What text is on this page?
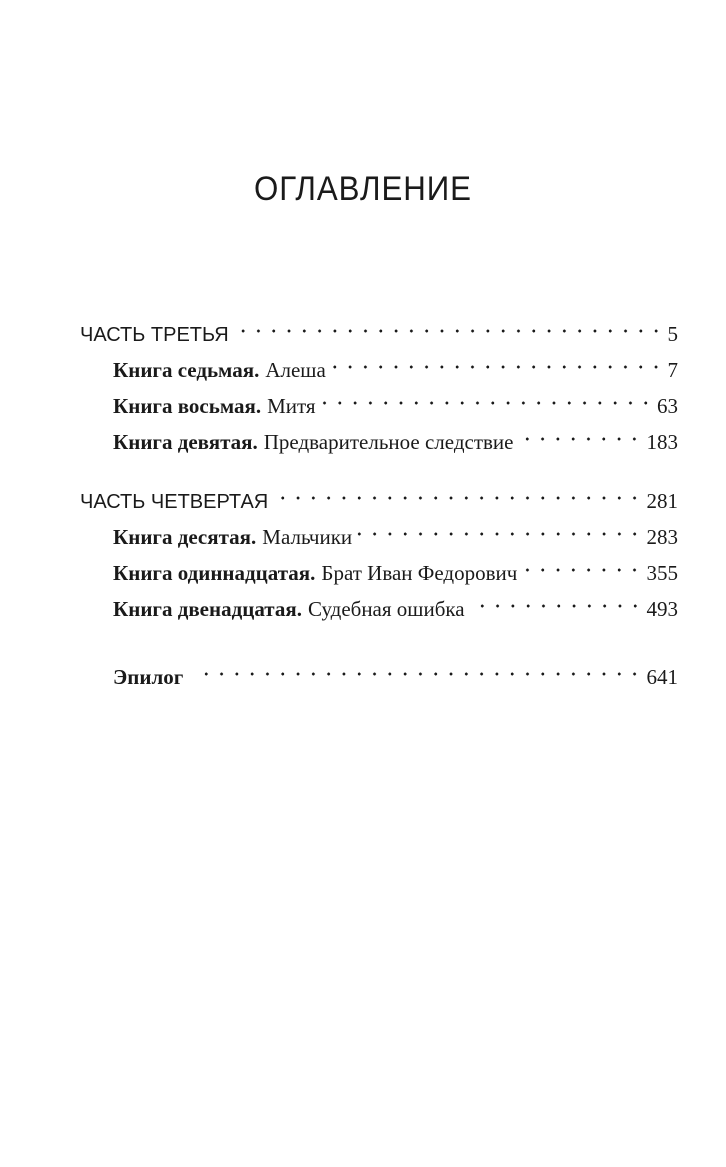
ОГЛАВЛЕНИЕ
ЧАСТЬ ТРЕТЬЯ	5
Книга седьмая. Алеша	7
Книга восьмая. Митя	63
Книга девятая. Предварительное следствие	183
ЧАСТЬ ЧЕТВЕРТАЯ	281
Книга десятая. Мальчики	283
Книга одиннадцатая. Брат Иван Федорович	355
Книга двенадцатая. Судебная ошибка	493
Эпилог	641
